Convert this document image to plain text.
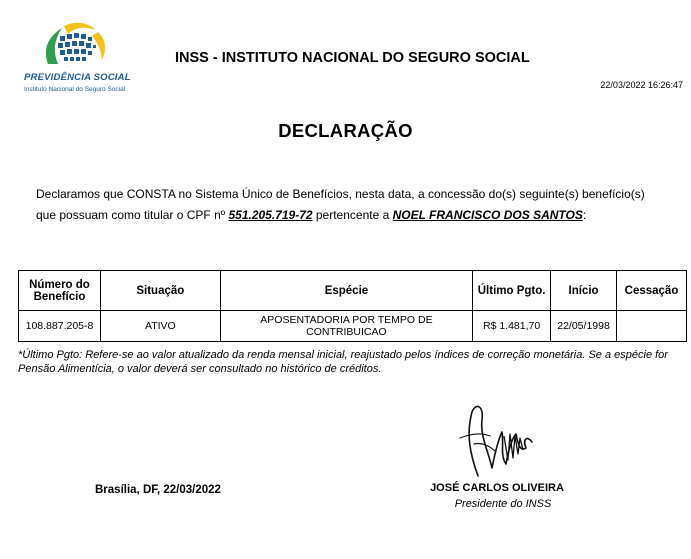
PREVIDÊNCIA SOCIAL
Instituto Nacional do Seguro Social
INSS - INSTITUTO NACIONAL DO SEGURO SOCIAL
22/03/2022 16:26:47
DECLARAÇÃO
Declaramos que CONSTA no Sistema Único de Benefícios, nesta data, a concessão do(s) seguinte(s) benefício(s)
que possuam como titular o CPF nº 551.205.719-72 pertencente a NOEL FRANCISCO DOS SANTOS:
Número do Benefício	Situação	Espécie	Último Pgto.	Início	Cessação
108.887.205-8	ATIVO	APOSENTADORIA POR TEMPO DE CONTRIBUICAO	R$ 1.481,70	22/05/1998	
*Último Pgto: Refere-se ao valor atualizado da renda mensal inicial, reajustado pelos índices de correção monetária. Se a espécie for Pensão Alimentícia, o valor deverá ser consultado no histórico de créditos.
Brasília, DF, 22/03/2022	JOSÉ CARLOS OLIVEIRA
Presidente do INSS
